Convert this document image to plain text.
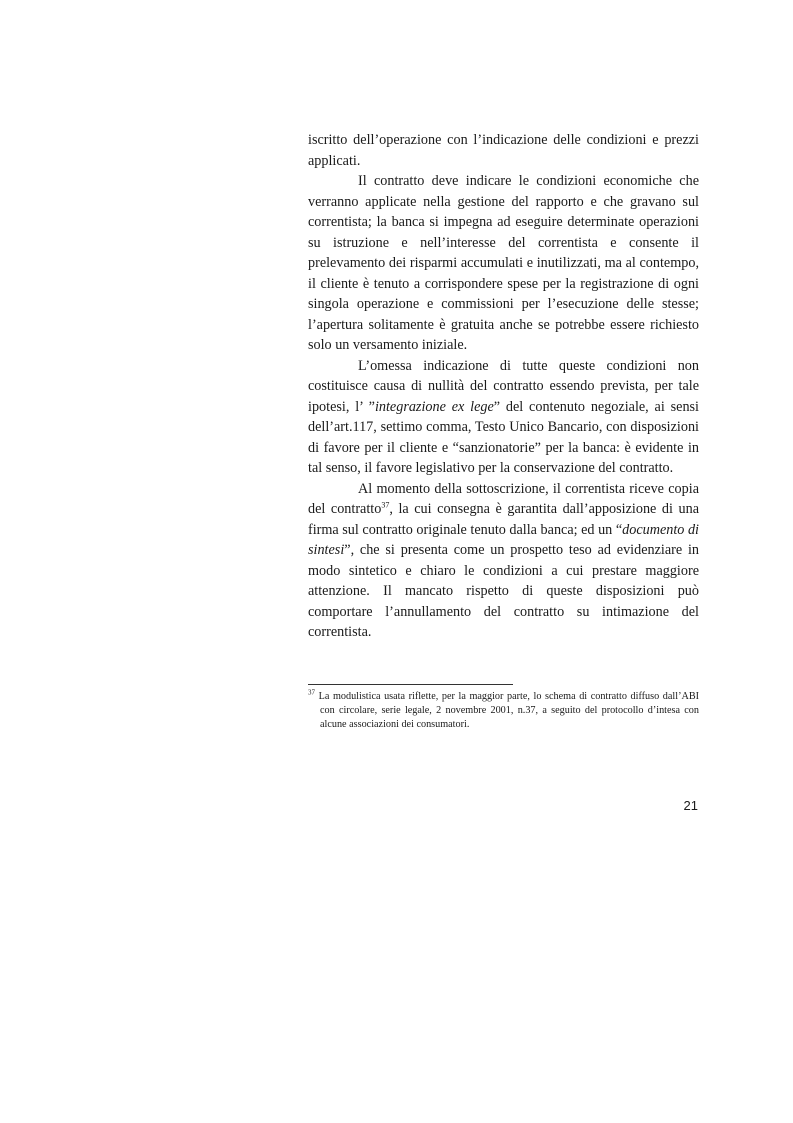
iscritto dell’operazione con l’indicazione delle condizioni e prezzi applicati.

Il contratto deve indicare le condizioni economiche che verranno applicate nella gestione del rapporto e che gravano sul correntista; la banca si impegna ad eseguire determinate operazioni su istruzione e nell’interesse del correntista e consente il prelevamento dei risparmi accumulati e inutilizzati, ma al contempo, il cliente è tenuto a corrispondere spese per la registrazione di ogni singola operazione e commissioni per l’esecuzione delle stesse; l’apertura solitamente è gratuita anche se potrebbe essere richiesto solo un versamento iniziale.

L’omessa indicazione di tutte queste condizioni non costituisce causa di nullità del contratto essendo prevista, per tale ipotesi, l’ ”integrazione ex lege” del contenuto negoziale, ai sensi dell’art.117, settimo comma, Testo Unico Bancario, con disposizioni di favore per il cliente e “sanzionatorie” per la banca: è evidente in tal senso, il favore legislativo per la conservazione del contratto.

Al momento della sottoscrizione, il correntista riceve copia del contratto$^{37}$, la cui consegna è garantita dall’apposizione di una firma sul contratto originale tenuto dalla banca; ed un “documento di sintesi”, che si presenta come un prospetto teso ad evidenziare in modo sintetico e chiaro le condizioni a cui prestare maggiore attenzione. Il mancato rispetto di queste disposizioni può comportare l’annullamento del contratto su intimazione del correntista.

$^{37}$ La modulistica usata riflette, per la maggior parte, lo schema di contratto diffuso dall’ABI con circolare, serie legale, 2 novembre 2001, n.37, a seguito del protocollo d’intesa con alcune associazioni dei consumatori.
21
